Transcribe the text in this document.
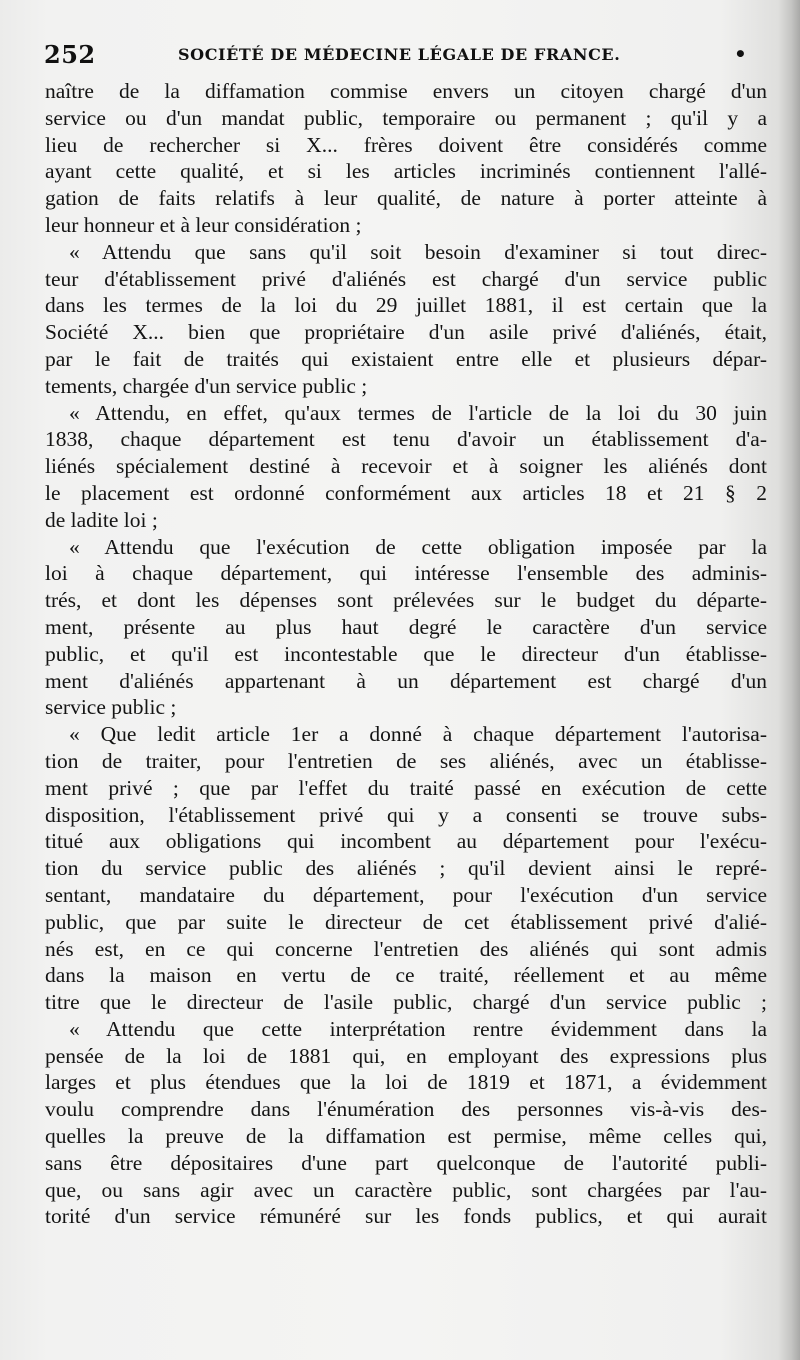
252	SOCIÉTÉ DE MÉDECINE LÉGALE DE FRANCE.	•
naître de la diffamation commise envers un citoyen chargé d'un
service ou d'un mandat public, temporaire ou permanent ; qu'il y a
lieu de rechercher si X... frères doivent être considérés comme
ayant cette qualité, et si les articles incriminés contiennent l'allé-
gation de faits relatifs à leur qualité, de nature à porter atteinte à
leur honneur et à leur considération ;
« Attendu que sans qu'il soit besoin d'examiner si tout direc-
teur d'établissement privé d'aliénés est chargé d'un service public
dans les termes de la loi du 29 juillet 1881, il est certain que la
Société X... bien que propriétaire d'un asile privé d'aliénés, était,
par le fait de traités qui existaient entre elle et plusieurs dépar-
tements, chargée d'un service public ;
« Attendu, en effet, qu'aux termes de l'article de la loi du 30 juin
1838, chaque département est tenu d'avoir un établissement d'a-
liénés spécialement destiné à recevoir et à soigner les aliénés dont
le placement est ordonné conformément aux articles 18 et 21 § 2
de ladite loi ;
« Attendu que l'exécution de cette obligation imposée par la
loi à chaque département, qui intéresse l'ensemble des adminis-
trés, et dont les dépenses sont prélevées sur le budget du départe-
ment, présente au plus haut degré le caractère d'un service
public, et qu'il est incontestable que le directeur d'un établisse-
ment d'aliénés appartenant à un département est chargé d'un
service public ;
« Que ledit article 1er a donné à chaque département l'autorisa-
tion de traiter, pour l'entretien de ses aliénés, avec un établisse-
ment privé ; que par l'effet du traité passé en exécution de cette
disposition, l'établissement privé qui y a consenti se trouve subs-
titué aux obligations qui incombent au département pour l'exécu-
tion du service public des aliénés ; qu'il devient ainsi le repré-
sentant, mandataire du département, pour l'exécution d'un service
public, que par suite le directeur de cet établissement privé d'alié-
nés est, en ce qui concerne l'entretien des aliénés qui sont admis
dans la maison en vertu de ce traité, réellement et au même
titre que le directeur de l'asile public, chargé d'un service public ;
« Attendu que cette interprétation rentre évidemment dans la
pensée de la loi de 1881 qui, en employant des expressions plus
larges et plus étendues que la loi de 1819 et 1871, a évidemment
voulu comprendre dans l'énumération des personnes vis-à-vis des-
quelles la preuve de la diffamation est permise, même celles qui,
sans être dépositaires d'une part quelconque de l'autorité publi-
que, ou sans agir avec un caractère public, sont chargées par l'au-
torité d'un service rémunéré sur les fonds publics, et qui aurait
